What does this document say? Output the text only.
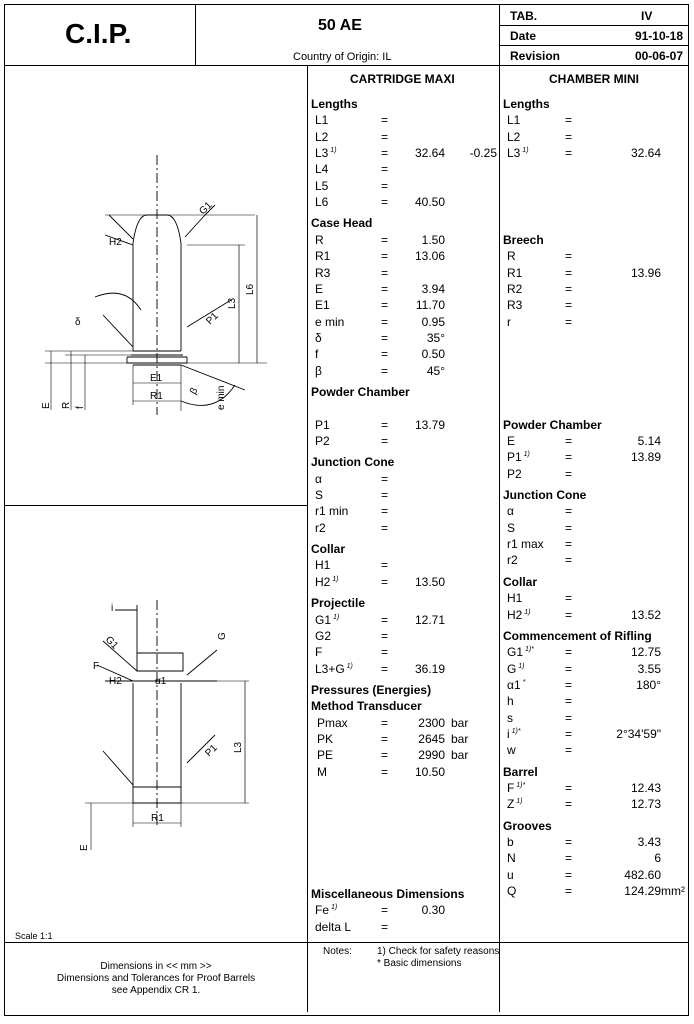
C.I.P.	50 AE
Country of Origin: IL
TAB.	IV
Date	91-10-18
Revision	00-06-07
CARTRIDGE MAXI	CHAMBER MINI
Lengths
L1	=
L2	=
L3 $^{1)}$	= 32.64 -0.25
L4	=
L5	=
L6	= 40.50
Case Head
R	=	1.50
R1	= 13.06
R3	=
E	=	3.94
E1	= 11.70
e min	=	0.95
δ	=	35°
f	=	0.50
β	=	45°
Powder Chamber
P1	= 13.79
P2	=
Junction Cone
α	=
S	=
r1 min	=
r2	=
Collar
H1	=
H2 $^{1)}$	= 13.50
Projectile
G1 $^{1)}$	= 12.71
G2	=
F	=
L3+G $^{1)}$ = 36.19
Pressures (Energies)
Method Transducer
Pmax	=	2300 bar
PK	=	2645 bar
PE	=	2990 bar
M	= 10.50
Miscellaneous Dimensions
Fe $^{1)}$	=	0.30
delta L =
Lengths
L1	=
L2	=
L3 $^{1)}$	=	32.64
Breech
R	=
R1	=	13.96
R2	=
R3	=
r	=
Powder Chamber
E	=	5.14
P1 $^{1)}$	=	13.89
P2	=
Junction Cone
α	=
S	=
r1 max =
r2	=
Collar
H1	=
H2 $^{1)}$	=	13.52
Commencement of Rifling
G1 $^{1)*}$	=	12.75
G $^{1)}$	=	3.55
α1 *	=	180°
h	=
s	=
i $^{1)*}$	=	2°34'59"
w	=
Barrel
F $^{1)*}$	=	12.43
Z $^{1)}$	=	12.73
Grooves
b	=	3.43
N	=	6
u	=	482.60
Q	=	124.29 mm²
G1
H2
L6
L3
δ	P1
E1
R1	β e min
E R f
i
G1	G
F
H2	α1
L3
P1
R1
E
Scale 1:1
Dimensions in << mm >>
Dimensions and Tolerances for Proof Barrels
see Appendix CR 1.
Notes:	1) Check for safety reasons
* Basic dimensions
